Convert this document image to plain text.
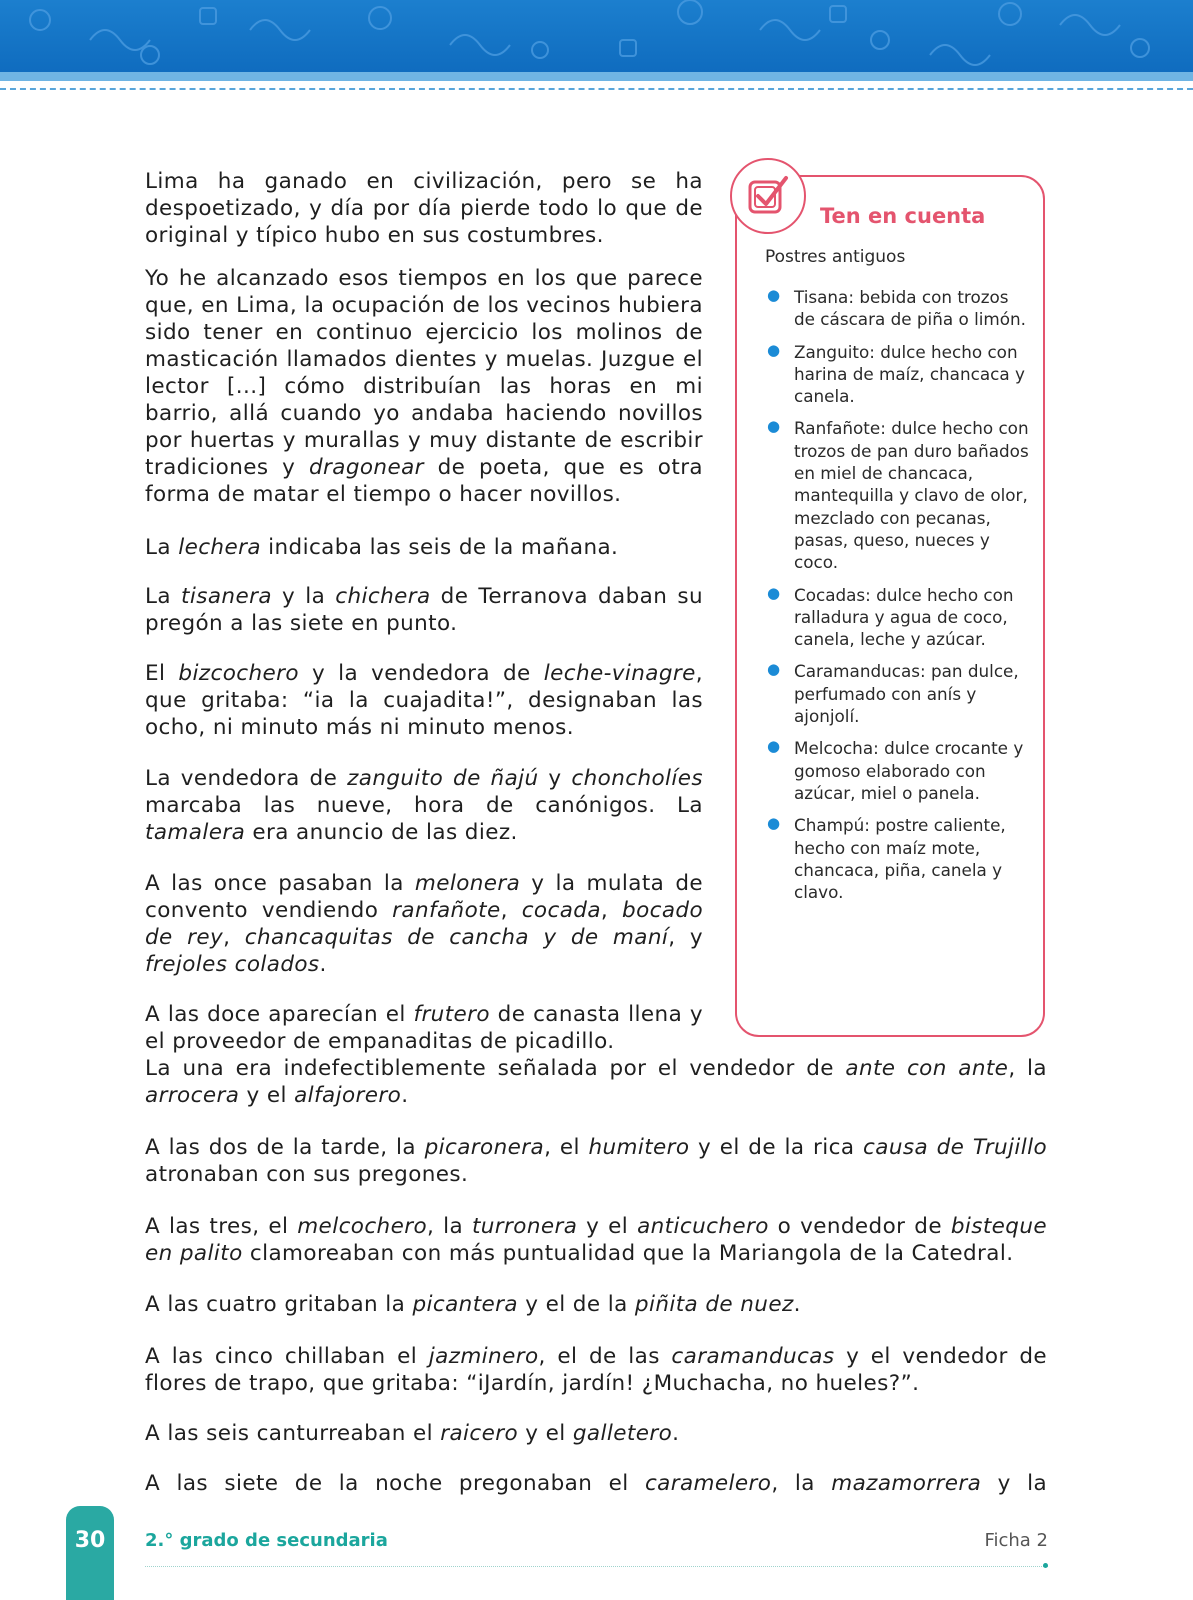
Lima ha ganado en civilización, pero se ha despoetizado, y día por día pierde todo lo que de original y típico hubo en sus costumbres.

Yo he alcanzado esos tiempos en los que parece que, en Lima, la ocupación de los vecinos hubiera sido tener en continuo ejercicio los molinos de masticación llamados dientes y muelas. Juzgue el lector [...] cómo distribuían las horas en mi barrio, allá cuando yo andaba haciendo novillos por huertas y murallas y muy distante de escribir tradiciones y dragonear de poeta, que es otra forma de matar el tiempo o hacer novillos.

La lechera indicaba las seis de la mañana.

La tisanera y la chichera de Terranova daban su pregón a las siete en punto.

El bizcochero y la vendedora de leche-vinagre, que gritaba: “ia la cuajadita!”, designaban las ocho, ni minuto más ni minuto menos.

La vendedora de zanguito de ñajú y choncholíes marcaba las nueve, hora de canónigos. La tamalera era anuncio de las diez.

A las once pasaban la melonera y la mulata de convento vendiendo ranfañote, cocada, bocado de rey, chancaquitas de cancha y de maní, y frejoles colados.

A las doce aparecían el frutero de canasta llena y el proveedor de empanaditas de picadillo.

La una era indefectiblemente señalada por el vendedor de ante con ante, la arrocera y el alfajorero.

A las dos de la tarde, la picaronera, el humitero y el de la rica causa de Trujillo atronaban con sus pregones.

A las tres, el melcochero, la turronera y el anticuchero o vendedor de bisteque en palito clamoreaban con más puntualidad que la Mariangola de la Catedral.

A las cuatro gritaban la picantera y el de la piñita de nuez.

A las cinco chillaban el jazminero, el de las caramanducas y el vendedor de flores de trapo, que gritaba: “iJardín, jardín! ¿Muchacha, no hueles?”.

A las seis canturreaban el raicero y el galletero.

A las siete de la noche pregonaban el caramelero, la mazamorrera y la

Ten en cuenta

Postres antiguos

● Tisana: bebida con trozos de cáscara de piña o limón.
● Zanguito: dulce hecho con harina de maíz, chancaca y canela.
● Ranfañote: dulce hecho con trozos de pan duro bañados en miel de chancaca, mantequilla y clavo de olor, mezclado con pecanas, pasas, queso, nueces y coco.
● Cocadas: dulce hecho con ralladura y agua de coco, canela, leche y azúcar.
● Caramanducas: pan dulce, perfumado con anís y ajonjolí.
● Melcocha: dulce crocante y gomoso elaborado con azúcar, miel o panela.
● Champú: postre caliente, hecho con maíz mote, chancaca, piña, canela y clavo.

30	2.° grado de secundaria	Ficha 2
